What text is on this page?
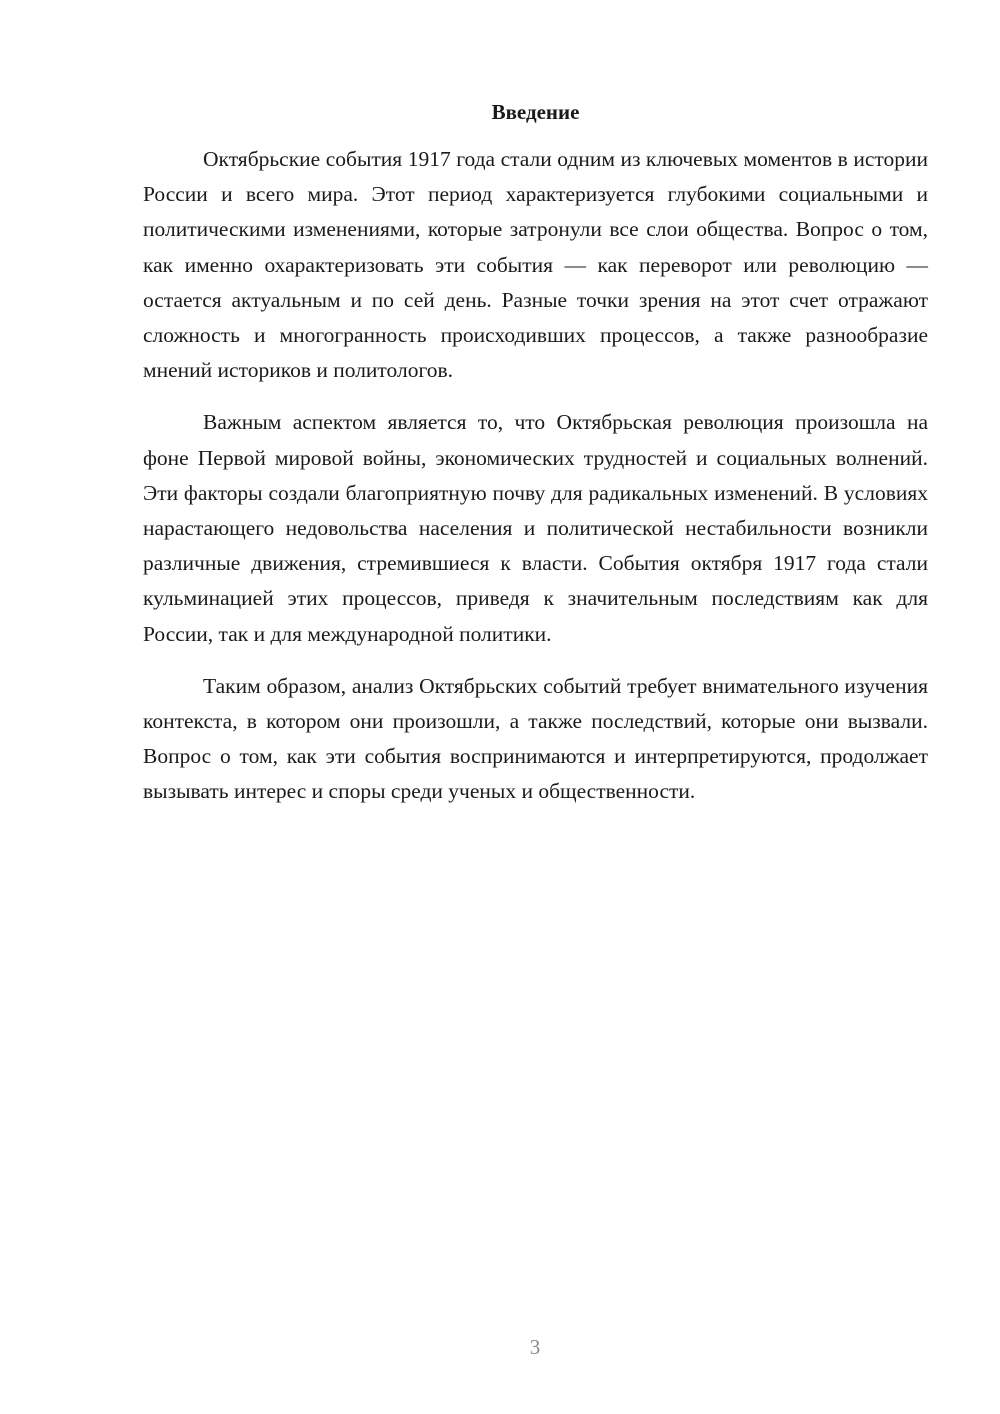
Введение

Октябрьские события 1917 года стали одним из ключевых моментов в истории России и всего мира. Этот период характеризуется глубокими социальными и политическими изменениями, которые затронули все слои общества. Вопрос о том, как именно охарактеризовать эти события — как переворот или революцию — остается актуальным и по сей день. Разные точки зрения на этот счет отражают сложность и многогранность происходивших процессов, а также разнообразие мнений историков и политологов.

Важным аспектом является то, что Октябрьская революция произошла на фоне Первой мировой войны, экономических трудностей и социальных волнений. Эти факторы создали благоприятную почву для радикальных изменений. В условиях нарастающего недовольства населения и политической нестабильности возникли различные движения, стремившиеся к власти. События октября 1917 года стали кульминацией этих процессов, приведя к значительным последствиям как для России, так и для международной политики.

Таким образом, анализ Октябрьских событий требует внимательного изучения контекста, в котором они произошли, а также последствий, которые они вызвали. Вопрос о том, как эти события воспринимаются и интерпретируются, продолжает вызывать интерес и споры среди ученых и общественности.

3
